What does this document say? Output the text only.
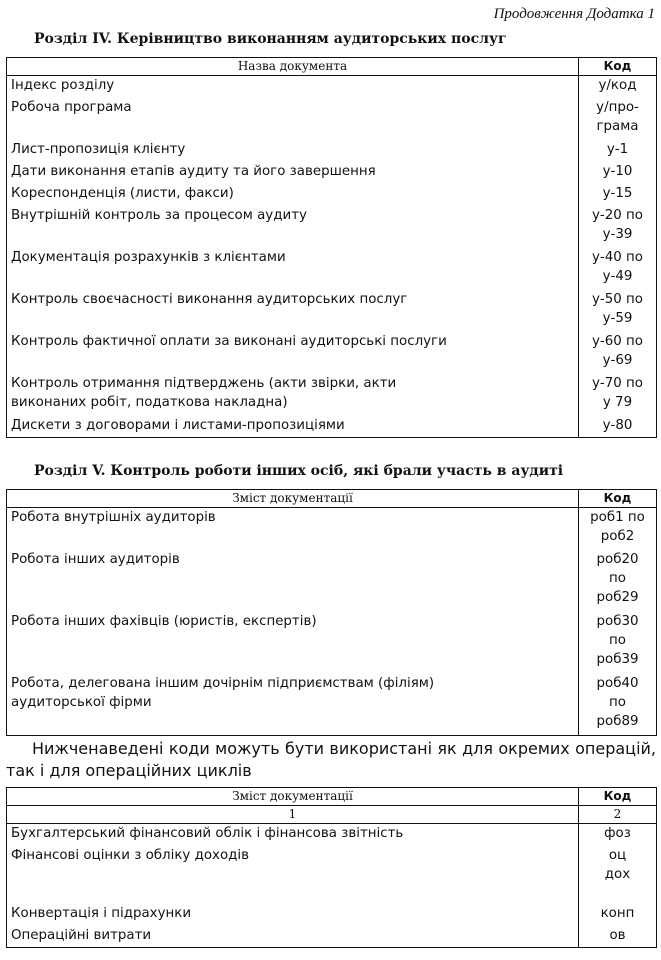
Продовження Додатка 1
Розділ IV. Керівництво виконанням аудиторських послуг
Назва документа	Код
Індекс розділу	у/код
Робоча програма	у/про-
грама
Лист-пропозиція клієнту	у-1
Дати виконання етапів аудиту та його завершення	у-10
Кореспонденція (листи, факси)	у-15
Внутрішній контроль за процесом аудиту	у-20 по
у-39
Документація розрахунків з клієнтами	у-40 по
у-49
Контроль своєчасності виконання аудиторських послуг	у-50 по
у-59
Контроль фактичної оплати за виконані аудиторські послуги	у-60 по
у-69
Контроль отримання підтверджень (акти звірки, акти
виконаних робіт, податкова накладна)	у-70 по
у 79
Дискети з договорами і листами-пропозиціями	у-80
Розділ V. Контроль роботи інших осіб, які брали участь в аудиті
Зміст документації	Код
Робота внутрішніх аудиторів	роб1 по
роб2
Робота інших аудиторів	роб20
по
роб29
Робота інших фахівців (юристів, експертів)	роб30
по
роб39
Робота, делегована іншим дочірнім підприємствам (філіям)
аудиторської фірми	роб40
по
роб89
Нижченаведені коди можуть бути використані як для окремих операцій, так і для операційних циклів
Зміст документації	Код
1	2
Бухгалтерський фінансовий облік і фінансова звітність	фоз
Фінансові оцінки з обліку доходів	оц
дох
Конвертація і підрахунки	конп
Операційні витрати	ов
